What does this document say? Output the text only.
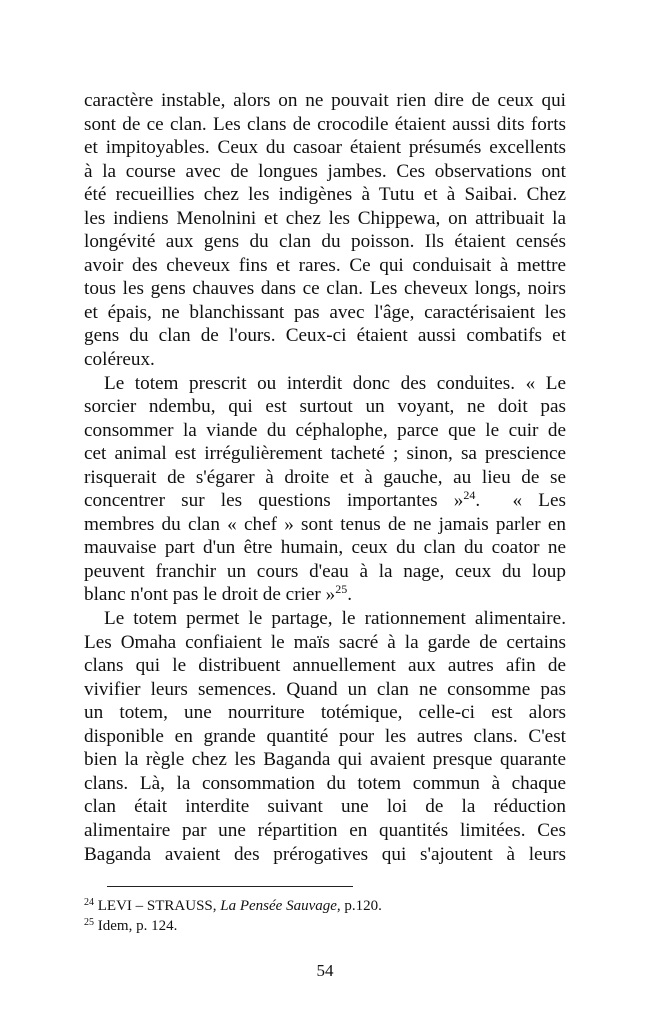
caractère instable, alors on ne pouvait rien dire de ceux qui
sont de ce clan. Les clans de crocodile étaient aussi dits forts
et impitoyables. Ceux du casoar étaient présumés excellents
à la course avec de longues jambes. Ces observations ont
été recueillies chez les indigènes à Tutu et à Saibai. Chez
les indiens Menolnini et chez les Chippewa, on attribuait la
longévité aux gens du clan du poisson. Ils étaient censés
avoir des cheveux fins et rares. Ce qui conduisait à mettre
tous les gens chauves dans ce clan. Les cheveux longs, noirs
et épais, ne blanchissant pas avec l'âge, caractérisaient les
gens du clan de l'ours. Ceux-ci étaient aussi combatifs et
coléreux.
Le totem prescrit ou interdit donc des conduites. « Le
sorcier ndembu, qui est surtout un voyant, ne doit pas
consommer la viande du céphalophe, parce que le cuir de
cet animal est irrégulièrement tacheté ; sinon, sa prescience
risquerait de s'égarer à droite et à gauche, au lieu de se
concentrer sur les questions importantes »$^{24}$.  « Les
membres du clan « chef » sont tenus de ne jamais parler en
mauvaise part d'un être humain, ceux du clan du coator ne
peuvent franchir un cours d'eau à la nage, ceux du loup
blanc n'ont pas le droit de crier »$^{25}$.
Le totem permet le partage, le rationnement alimentaire.
Les Omaha confiaient le maïs sacré à la garde de certains
clans qui le distribuent annuellement aux autres afin de
vivifier leurs semences. Quand un clan ne consomme pas
un totem, une nourriture totémique, celle-ci est alors
disponible en grande quantité pour les autres clans. C'est
bien la règle chez les Baganda qui avaient presque quarante
clans. Là, la consommation du totem commun à chaque
clan était interdite suivant une loi de la réduction
alimentaire par une répartition en quantités limitées. Ces
Baganda avaient des prérogatives qui s'ajoutent à leurs
$^{24}$ LEVI – STRAUSS, La Pensée Sauvage, p.120.
$^{25}$ Idem, p. 124.
54
